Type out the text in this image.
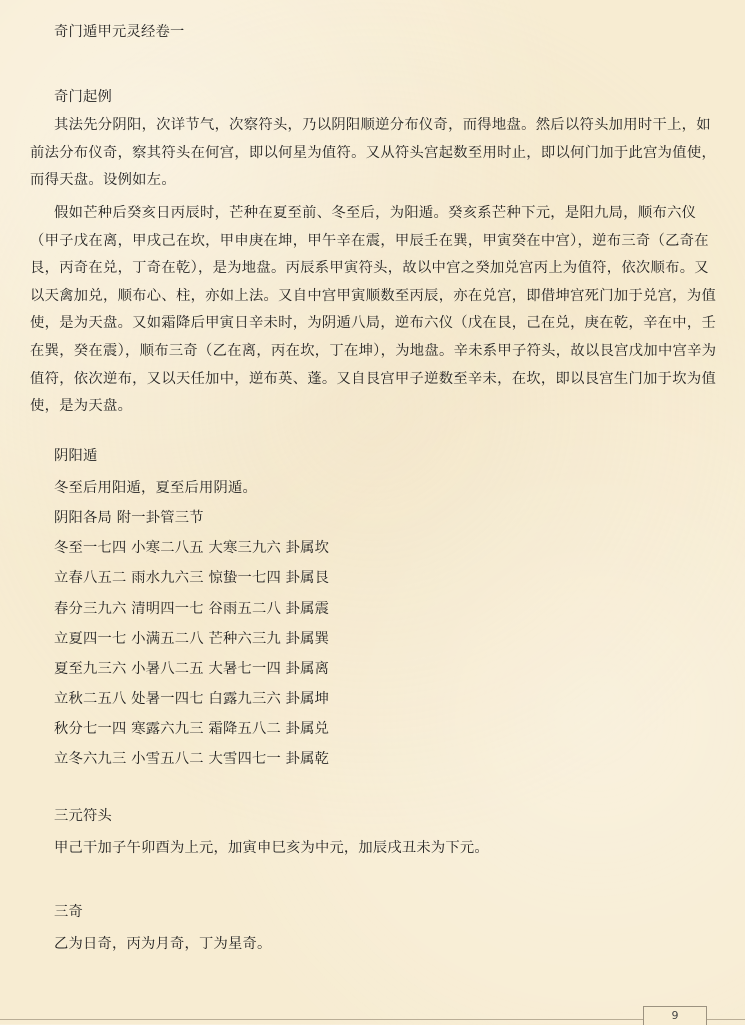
奇门遁甲元灵经卷一
奇门起例
其法先分阴阳，次详节气，次察符头，乃以阴阳顺逆分布仪奇，而得地盘。然后以符头加用时干上，如前法分布仪奇，察其符头在何宫，即以何星为值符。又从符头宫起数至用时止，即以何门加于此宫为值使，而得天盘。设例如左。
假如芒种后癸亥日丙辰时，芒种在夏至前、冬至后，为阳遁。癸亥系芒种下元，是阳九局，顺布六仪（甲子戊在离，甲戌己在坎，甲申庚在坤，甲午辛在震，甲辰壬在巽，甲寅癸在中宫），逆布三奇（乙奇在艮，丙奇在兑，丁奇在乾），是为地盘。丙辰系甲寅符头，故以中宫之癸加兑宫丙上为值符，依次顺布。又以天禽加兑，顺布心、柱，亦如上法。又自中宫甲寅顺数至丙辰，亦在兑宫，即借坤宫死门加于兑宫，为值使，是为天盘。又如霜降后甲寅日辛未时，为阴遁八局，逆布六仪（戊在艮，己在兑，庚在乾，辛在中，壬在巽，癸在震），顺布三奇（乙在离，丙在坎，丁在坤），为地盘。辛未系甲子符头，故以艮宫戊加中宫辛为值符，依次逆布，又以天任加中，逆布英、蓬。又自艮宫甲子逆数至辛未，在坎，即以艮宫生门加于坎为值使，是为天盘。
阴阳遁
冬至后用阳遁，夏至后用阴遁。
阴阳各局 附一卦管三节
冬至一七四 小寒二八五 大寒三九六 卦属坎
立春八五二 雨水九六三 惊蛰一七四 卦属艮
春分三九六 清明四一七 谷雨五二八 卦属震
立夏四一七 小满五二八 芒种六三九 卦属巽
夏至九三六 小暑八二五 大暑七一四 卦属离
立秋二五八 处暑一四七 白露九三六 卦属坤
秋分七一四 寒露六九三 霜降五八二 卦属兑
立冬六九三 小雪五八二 大雪四七一 卦属乾
三元符头
甲己干加子午卯酉为上元，加寅申巳亥为中元，加辰戌丑未为下元。
三奇
乙为日奇，丙为月奇，丁为星奇。
9
